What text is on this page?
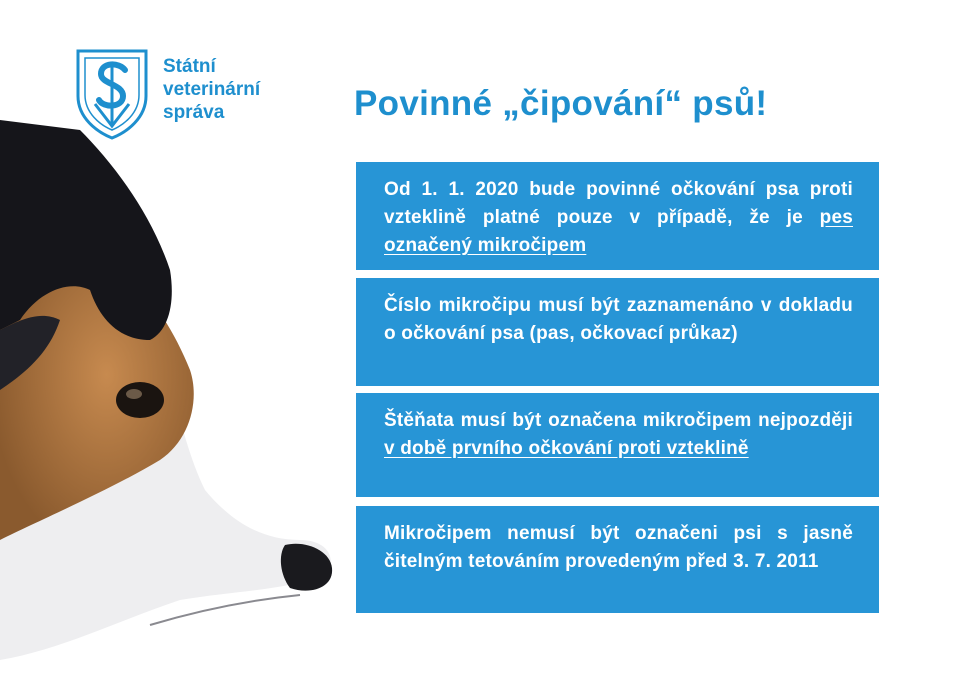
Státní
veterinární
správa	Povinné „čipování“ psů!
Od 1. 1. 2020 bude povinné očkování psa proti vzteklině platné pouze v případě, že je pes označený mikročipem
Číslo mikročipu musí být zaznamenáno v dokladu o očkování psa (pas, očkovací průkaz)
Štěňata musí být označena mikročipem nejpozději v době prvního očkování proti vzteklině
Mikročipem nemusí být označeni psi s jasně čitelným tetováním provedeným před 3. 7. 2011
